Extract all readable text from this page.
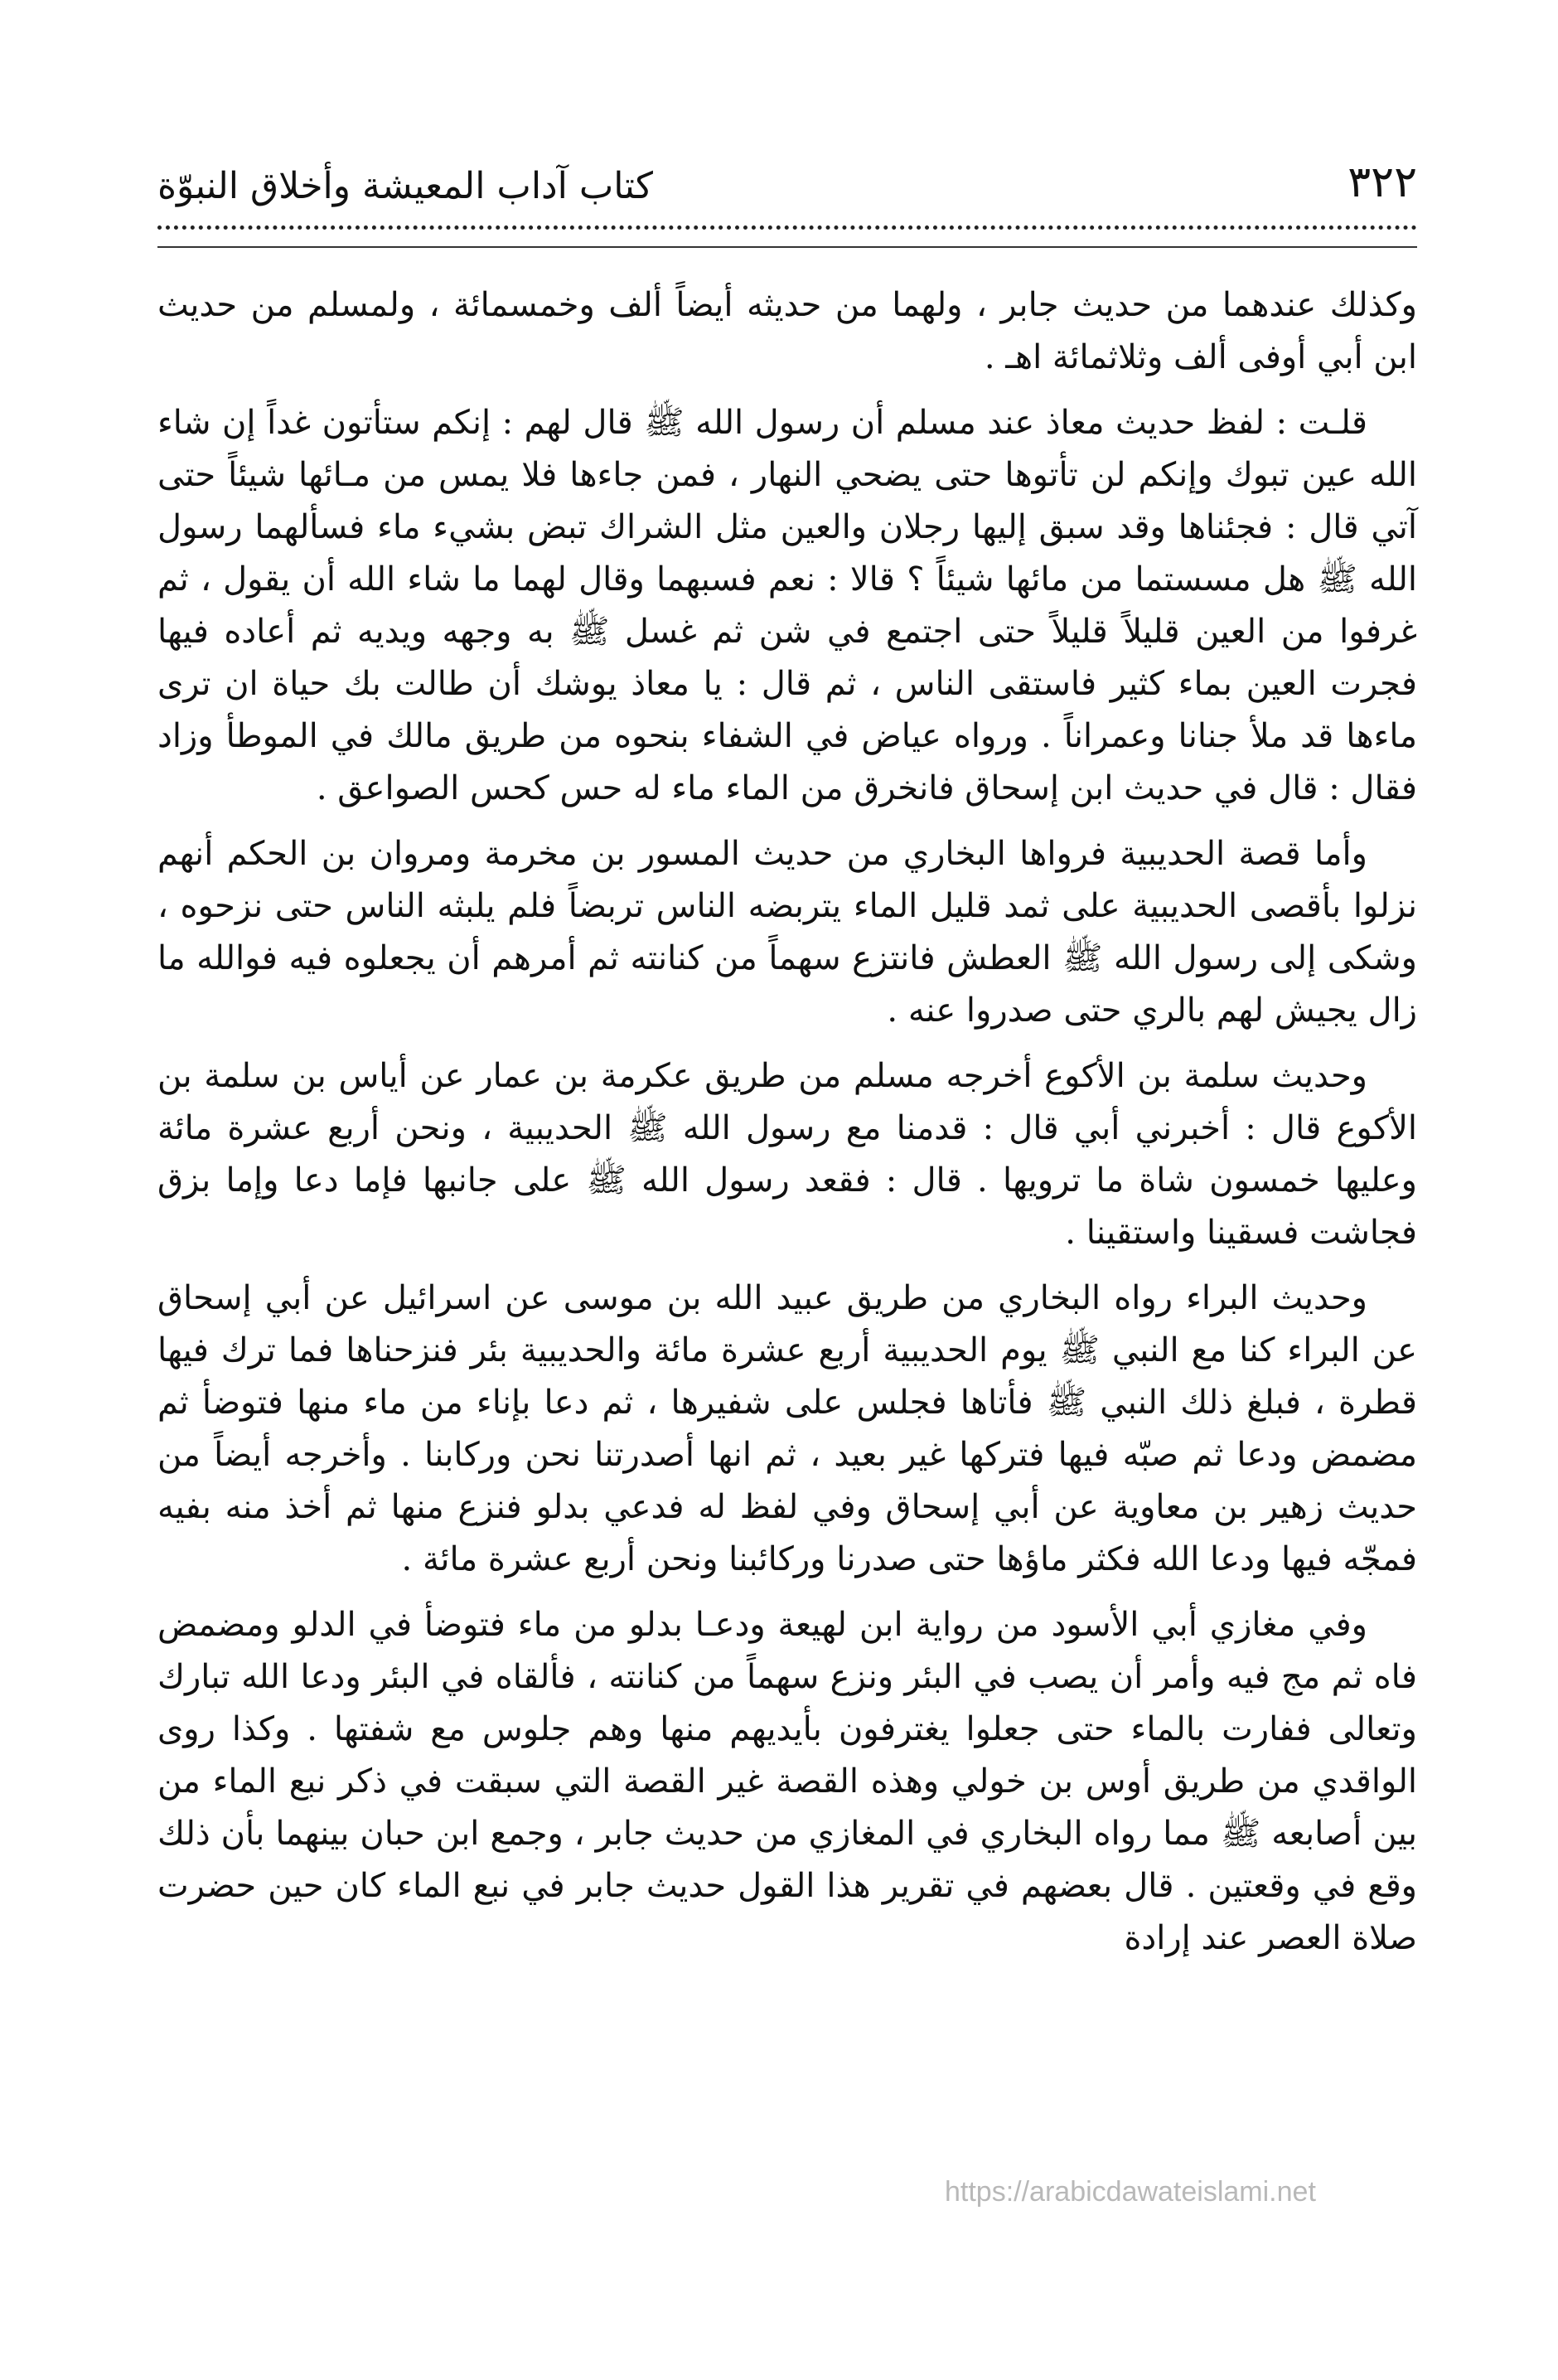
٣٢٢
كتاب آداب المعيشة وأخلاق النبوّة

وكذلك عندهما من حديث جابر ، ولهما من حديثه أيضاً ألف وخمسمائة ، ولمسلم من حديث ابن أبي أوفى ألف وثلاثمائة اهـ .

قلـت : لفظ حديث معاذ عند مسلم أن رسول الله ﷺ قال لهم : إنكم ستأتون غداً إن شاء الله عين تبوك وإنكم لن تأتوها حتى يضحي النهار ، فمن جاءها فلا يمس من مـائها شيئاً حتى آتي قال : فجئناها وقد سبق إليها رجلان والعين مثل الشراك تبض بشيء ماء فسألهما رسول الله ﷺ هل مسستما من مائها شيئاً ؟ قالا : نعم فسبهما وقال لهما ما شاء الله أن يقول ، ثم غرفوا من العين قليلاً قليلاً حتى اجتمع في شن ثم غسل ﷺ به وجهه ويديه ثم أعاده فيها فجرت العين بماء كثير فاستقى الناس ، ثم قال : يا معاذ يوشك أن طالت بك حياة ان ترى ماءها قد ملأ جنانا وعمراناً . ورواه عياض في الشفاء بنحوه من طريق مالك في الموطأ وزاد فقال : قال في حديث ابن إسحاق فانخرق من الماء ماء له حس كحس الصواعق .

وأما قصة الحديبية فرواها البخاري من حديث المسور بن مخرمة ومروان بن الحكم أنهم نزلوا بأقصى الحديبية على ثمد قليل الماء يتربضه الناس تربضاً فلم يلبثه الناس حتى نزحوه ، وشكى إلى رسول الله ﷺ العطش فانتزع سهماً من كنانته ثم أمرهم أن يجعلوه فيه فوالله ما زال يجيش لهم بالري حتى صدروا عنه .

وحديث سلمة بن الأكوع أخرجه مسلم من طريق عكرمة بن عمار عن أياس بن سلمة بن الأكوع قال : أخبرني أبي قال : قدمنا مع رسول الله ﷺ الحديبية ، ونحن أربع عشرة مائة وعليها خمسون شاة ما ترويها . قال : فقعد رسول الله ﷺ على جانبها فإما دعا وإما بزق فجاشت فسقينا واستقينا .

وحديث البراء رواه البخاري من طريق عبيد الله بن موسى عن اسرائيل عن أبي إسحاق عن البراء كنا مع النبي ﷺ يوم الحديبية أربع عشرة مائة والحديبية بئر فنزحناها فما ترك فيها قطرة ، فبلغ ذلك النبي ﷺ فأتاها فجلس على شفيرها ، ثم دعا بإناء من ماء منها فتوضأ ثم مضمض ودعا ثم صبّه فيها فتركها غير بعيد ، ثم انها أصدرتنا نحن وركابنا . وأخرجه أيضاً من حديث زهير بن معاوية عن أبي إسحاق وفي لفظ له فدعي بدلو فنزع منها ثم أخذ منه بفيه فمجّه فيها ودعا الله فكثر ماؤها حتى صدرنا وركائبنا ونحن أربع عشرة مائة .

وفي مغازي أبي الأسود من رواية ابن لهيعة ودعـا بدلو من ماء فتوضأ في الدلو ومضمض فاه ثم مج فيه وأمر أن يصب في البئر ونزع سهماً من كنانته ، فألقاه في البئر ودعا الله تبارك وتعالى ففارت بالماء حتى جعلوا يغترفون بأيديهم منها وهم جلوس مع شفتها . وكذا روى الواقدي من طريق أوس بن خولي وهذه القصة غير القصة التي سبقت في ذكر نبع الماء من بين أصابعه ﷺ مما رواه البخاري في المغازي من حديث جابر ، وجمع ابن حبان بينهما بأن ذلك وقع في وقعتين . قال بعضهم في تقرير هذا القول حديث جابر في نبع الماء كان حين حضرت صلاة العصر عند إرادة

https://arabicdawateislami.net
